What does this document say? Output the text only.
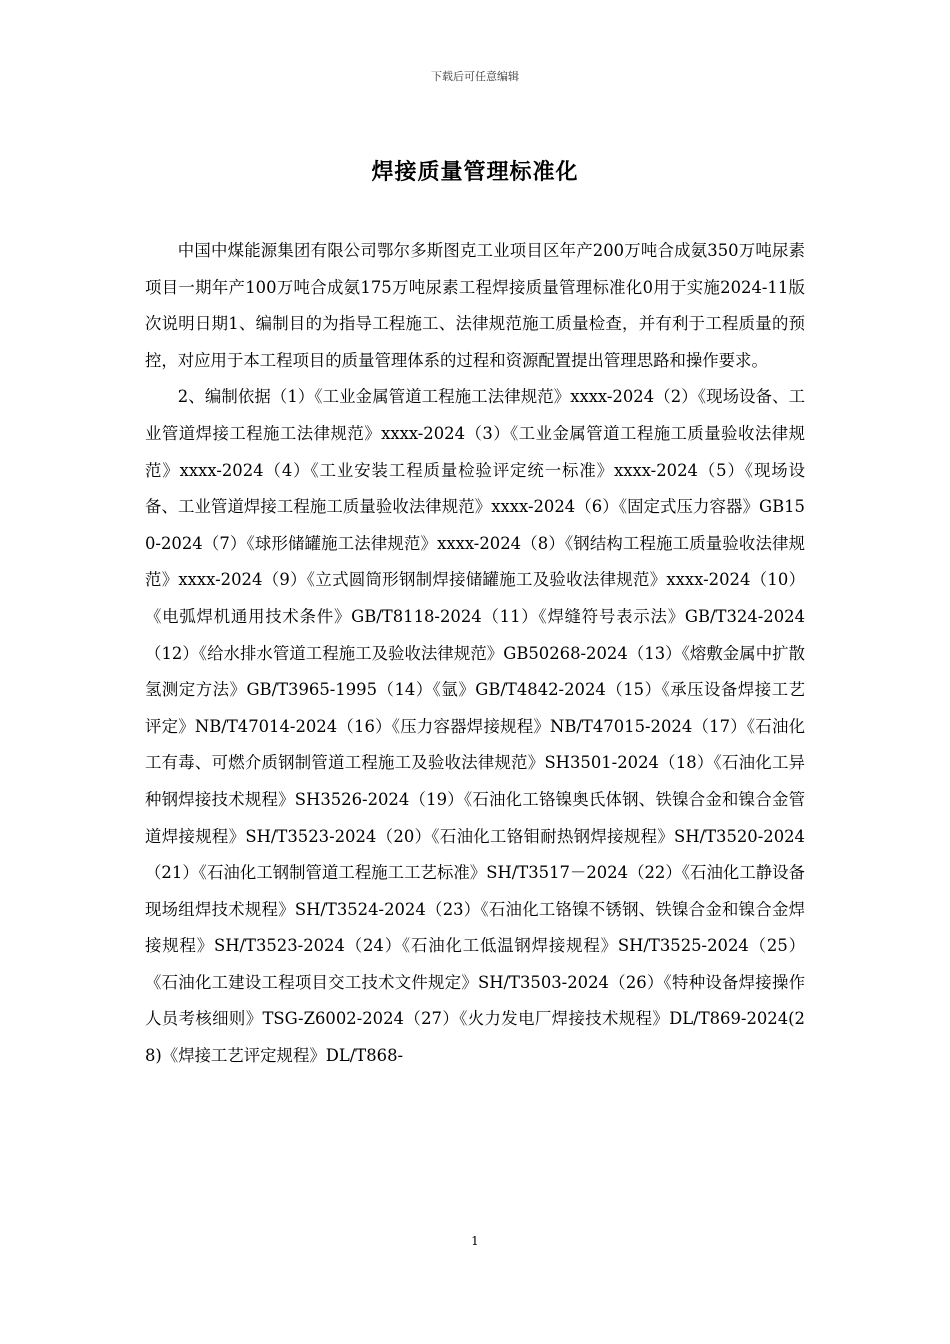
下载后可任意编辑
焊接质量管理标准化

中国中煤能源集团有限公司鄂尔多斯图克工业项目区年产200万吨合成氨350万吨尿素项目一期年产100万吨合成氨175万吨尿素工程焊接质量管理标准化0用于实施2024-11版次说明日期1、编制目的为指导工程施工、法律规范施工质量检查，并有利于工程质量的预控，对应用于本工程项目的质量管理体系的过程和资源配置提出管理思路和操作要求。

2、编制依据（1）《工业金属管道工程施工法律规范》xxxx-2024（2）《现场设备、工业管道焊接工程施工法律规范》xxxx-2024（3）《工业金属管道工程施工质量验收法律规范》xxxx-2024（4）《工业安装工程质量检验评定统一标准》xxxx-2024（5）《现场设备、工业管道焊接工程施工质量验收法律规范》xxxx-2024（6）《固定式压力容器》GB150-2024（7）《球形储罐施工法律规范》xxxx-2024（8）《钢结构工程施工质量验收法律规范》xxxx-2024（9）《立式圆筒形钢制焊接储罐施工及验收法律规范》xxxx-2024（10）《电弧焊机通用技术条件》GB/T8118-2024（11）《焊缝符号表示法》GB/T324-2024（12）《给水排水管道工程施工及验收法律规范》GB50268-2024（13）《熔敷金属中扩散氢测定方法》GB/T3965-1995（14）《氩》GB/T4842-2024（15）《承压设备焊接工艺评定》NB/T47014-2024（16）《压力容器焊接规程》NB/T47015-2024（17）《石油化工有毒、可燃介质钢制管道工程施工及验收法律规范》SH3501-2024（18）《石油化工异种钢焊接技术规程》SH3526-2024（19）《石油化工铬镍奥氏体钢、铁镍合金和镍合金管道焊接规程》SH/T3523-2024（20）《石油化工铬钼耐热钢焊接规程》SH/T3520-2024（21）《石油化工钢制管道工程施工工艺标准》SH/T3517－2024（22）《石油化工静设备现场组焊技术规程》SH/T3524-2024（23）《石油化工铬镍不锈钢、铁镍合金和镍合金焊接规程》SH/T3523-2024（24）《石油化工低温钢焊接规程》SH/T3525-2024（25）《石油化工建设工程项目交工技术文件规定》SH/T3503-2024（26）《特种设备焊接操作人员考核细则》TSG-Z6002-2024（27）《火力发电厂焊接技术规程》DL/T869-2024(28)《焊接工艺评定规程》DL/T868-

1
